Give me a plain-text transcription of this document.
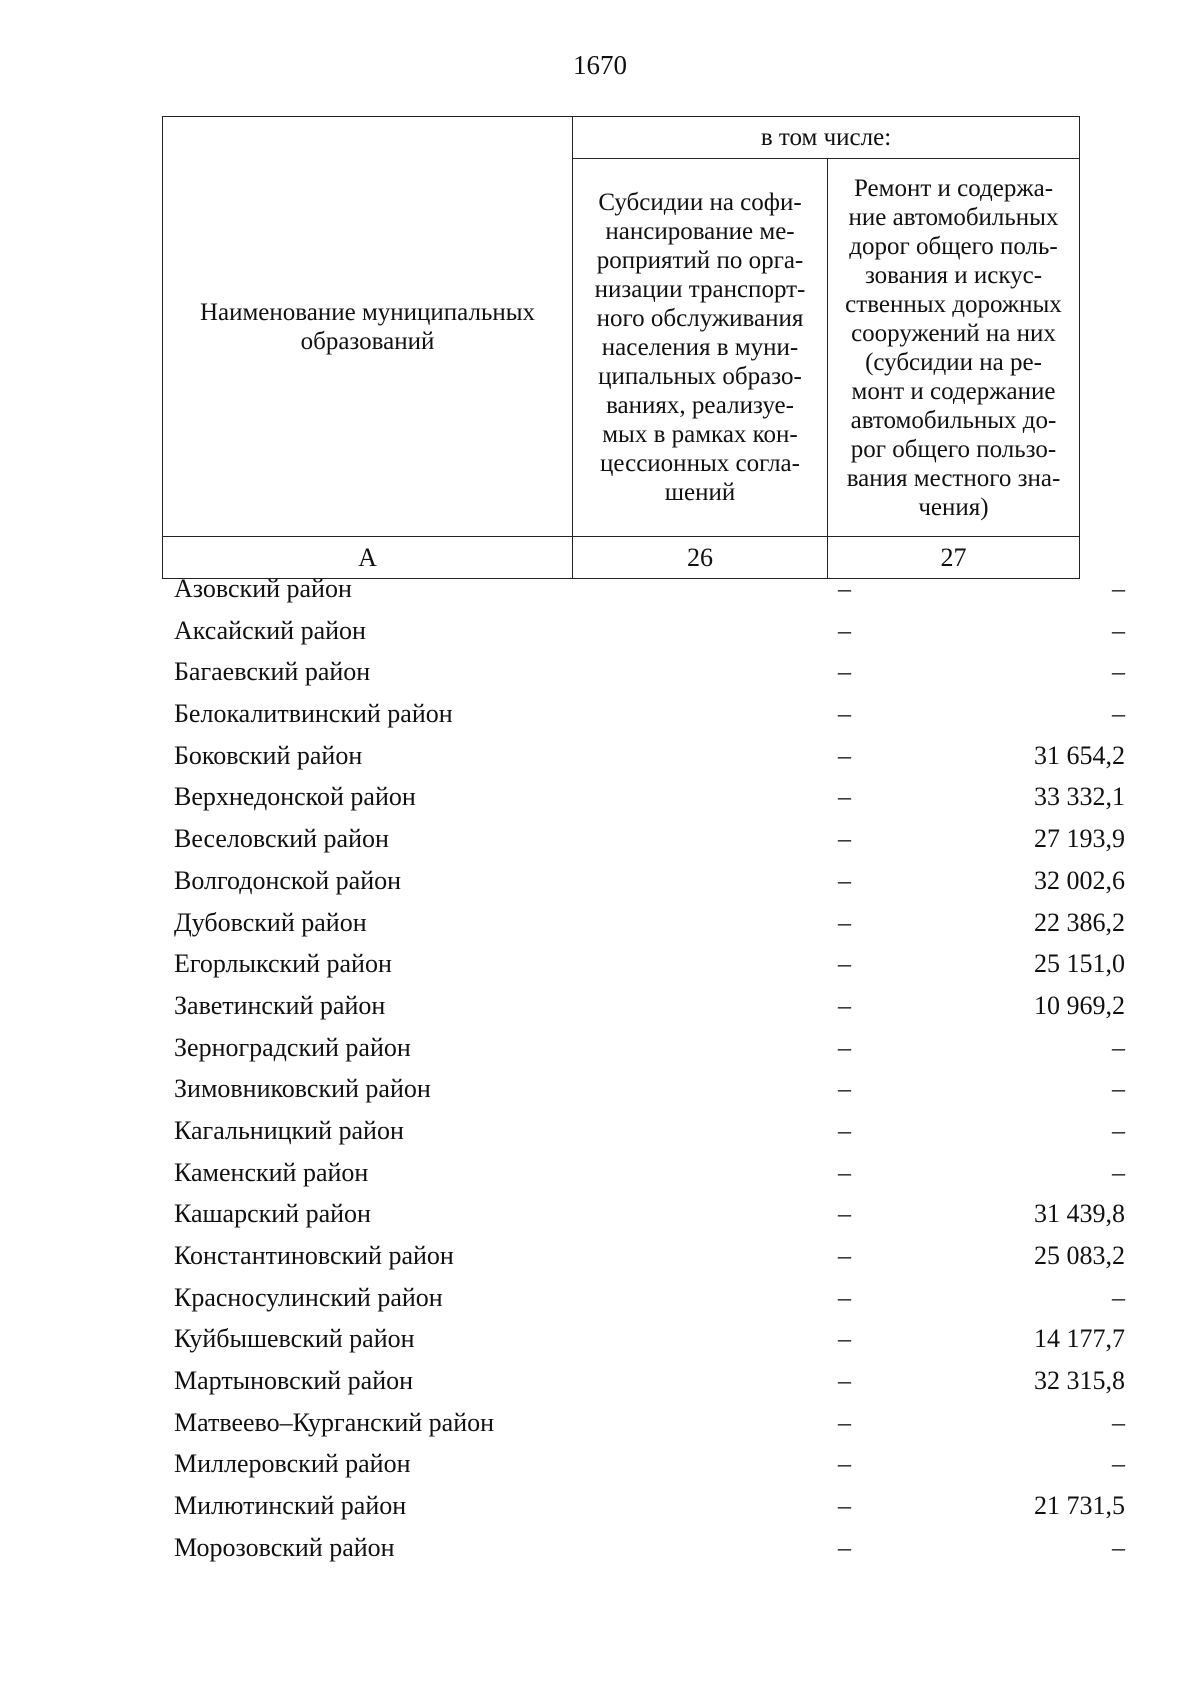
1670
Наименование муниципальных образований	в том числе:	
	Субсидии на софи- нансирование ме- роприятий по орга- низации транспорт- ного обслуживания населения в муни- ципальных образо- ваниях, реализуе- мых в рамках кон- цессионных согла- шений	Ремонт и содержа- ние автомобильных дорог общего поль- зования и искус- ственных дорожных сооружений на них (субсидии на ре- монт и содержание автомобильных до- рог общего пользо- вания местного зна- чения)
А	26	27
Азовский район	–	–
Аксайский район	–	–
Багаевский район	–	–
Белокалитвинский район	–	–
Боковский район	–	31 654,2
Верхнедонской район	–	33 332,1
Веселовский район	–	27 193,9
Волгодонской район	–	32 002,6
Дубовский район	–	22 386,2
Егорлыкский район	–	25 151,0
Заветинский район	–	10 969,2
Зерноградский район	–	–
Зимовниковский район	–	–
Кагальницкий район	–	–
Каменский район	–	–
Кашарский район	–	31 439,8
Константиновский район	–	25 083,2
Красносулинский район	–	–
Куйбышевский район	–	14 177,7
Мартыновский район	–	32 315,8
Матвеево–Курганский район	–	–
Миллеровский район	–	–
Милютинский район	–	21 731,5
Морозовский район	–	–
